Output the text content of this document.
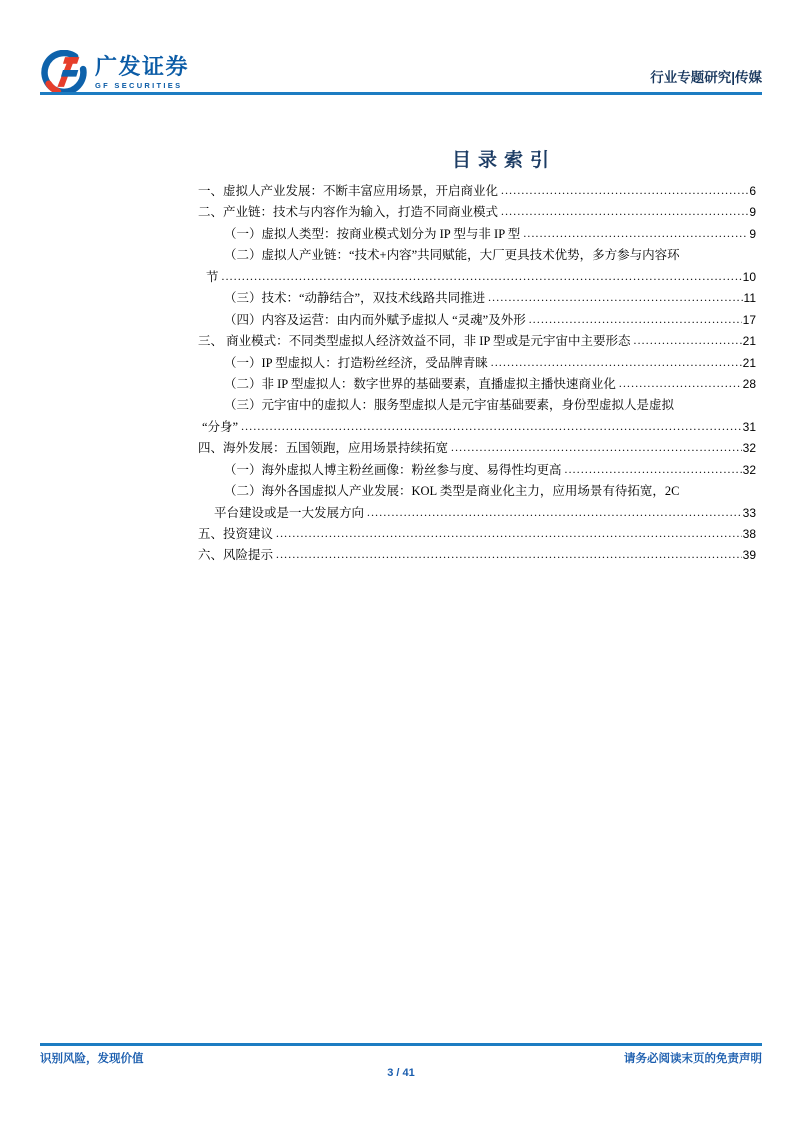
广发证券
GF SECURITIES
行业专题研究|传媒
目录索引
一、虚拟人产业发展：不断丰富应用场景，开启商业化 .....	6
二、产业链：技术与内容作为输入，打造不同商业模式 .....	9
（一）虚拟人类型：按商业模式划分为 IP 型与非 IP 型 .....	9
（二）虚拟人产业链：“技术+内容”共同赋能，大厂更具技术优势，多方参与内容环
节 .....	10
（三）技术：“动静结合”，双技术线路共同推进 .....	11
（四）内容及运营：由内而外赋予虚拟人 “灵魂”及外形 .....	17
三、 商业模式：不同类型虚拟人经济效益不同，非 IP 型或是元宇宙中主要形态 .....	21
（一）IP 型虚拟人：打造粉丝经济，受品牌青睐 .....	21
（二）非 IP 型虚拟人：数字世界的基础要素，直播虚拟主播快速商业化 .....	28
（三）元宇宙中的虚拟人：服务型虚拟人是元宇宙基础要素，身份型虚拟人是虚拟
“分身” .....	31
四、海外发展：五国领跑，应用场景持续拓宽 .....	32
（一）海外虚拟人博主粉丝画像：粉丝参与度、易得性均更高 .....	32
（二）海外各国虚拟人产业发展：KOL 类型是商业化主力，应用场景有待拓宽，2C
平台建设或是一大发展方向 .....	33
五、投资建议 .....	38
六、风险提示 .....	39
识别风险，发现价值	请务必阅读末页的免责声明
3 / 41
